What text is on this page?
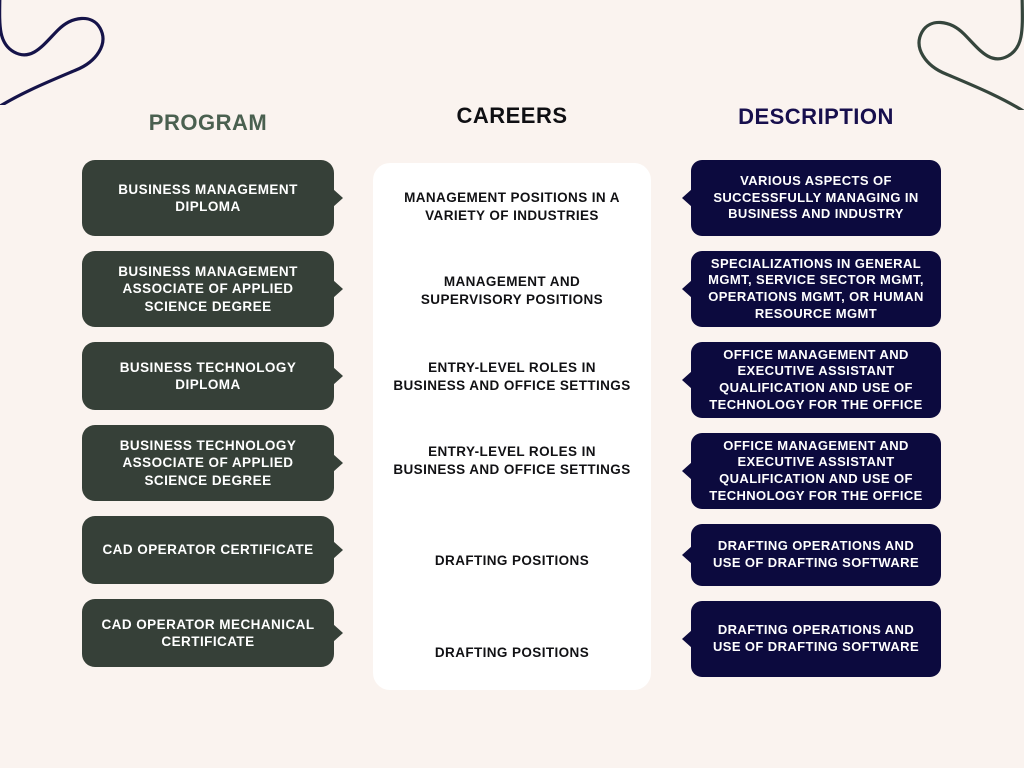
PROGRAM	CAREERS	DESCRIPTION
BUSINESS MANAGEMENT DIPLOMA
BUSINESS MANAGEMENT ASSOCIATE OF APPLIED SCIENCE DEGREE
BUSINESS TECHNOLOGY DIPLOMA
BUSINESS TECHNOLOGY ASSOCIATE OF APPLIED SCIENCE DEGREE
CAD OPERATOR CERTIFICATE
CAD OPERATOR MECHANICAL CERTIFICATE
MANAGEMENT POSITIONS IN A VARIETY OF INDUSTRIES
MANAGEMENT AND SUPERVISORY POSITIONS
ENTRY-LEVEL ROLES IN BUSINESS AND OFFICE SETTINGS
ENTRY-LEVEL ROLES IN BUSINESS AND OFFICE SETTINGS
DRAFTING POSITIONS
DRAFTING POSITIONS
VARIOUS ASPECTS OF SUCCESSFULLY MANAGING IN BUSINESS AND INDUSTRY
SPECIALIZATIONS IN GENERAL MGMT, SERVICE SECTOR MGMT, OPERATIONS MGMT, OR HUMAN RESOURCE MGMT
OFFICE MANAGEMENT AND EXECUTIVE ASSISTANT QUALIFICATION AND USE OF TECHNOLOGY FOR THE OFFICE
OFFICE MANAGEMENT AND EXECUTIVE ASSISTANT QUALIFICATION AND USE OF TECHNOLOGY FOR THE OFFICE
DRAFTING OPERATIONS AND USE OF DRAFTING SOFTWARE
DRAFTING OPERATIONS AND USE OF DRAFTING SOFTWARE
